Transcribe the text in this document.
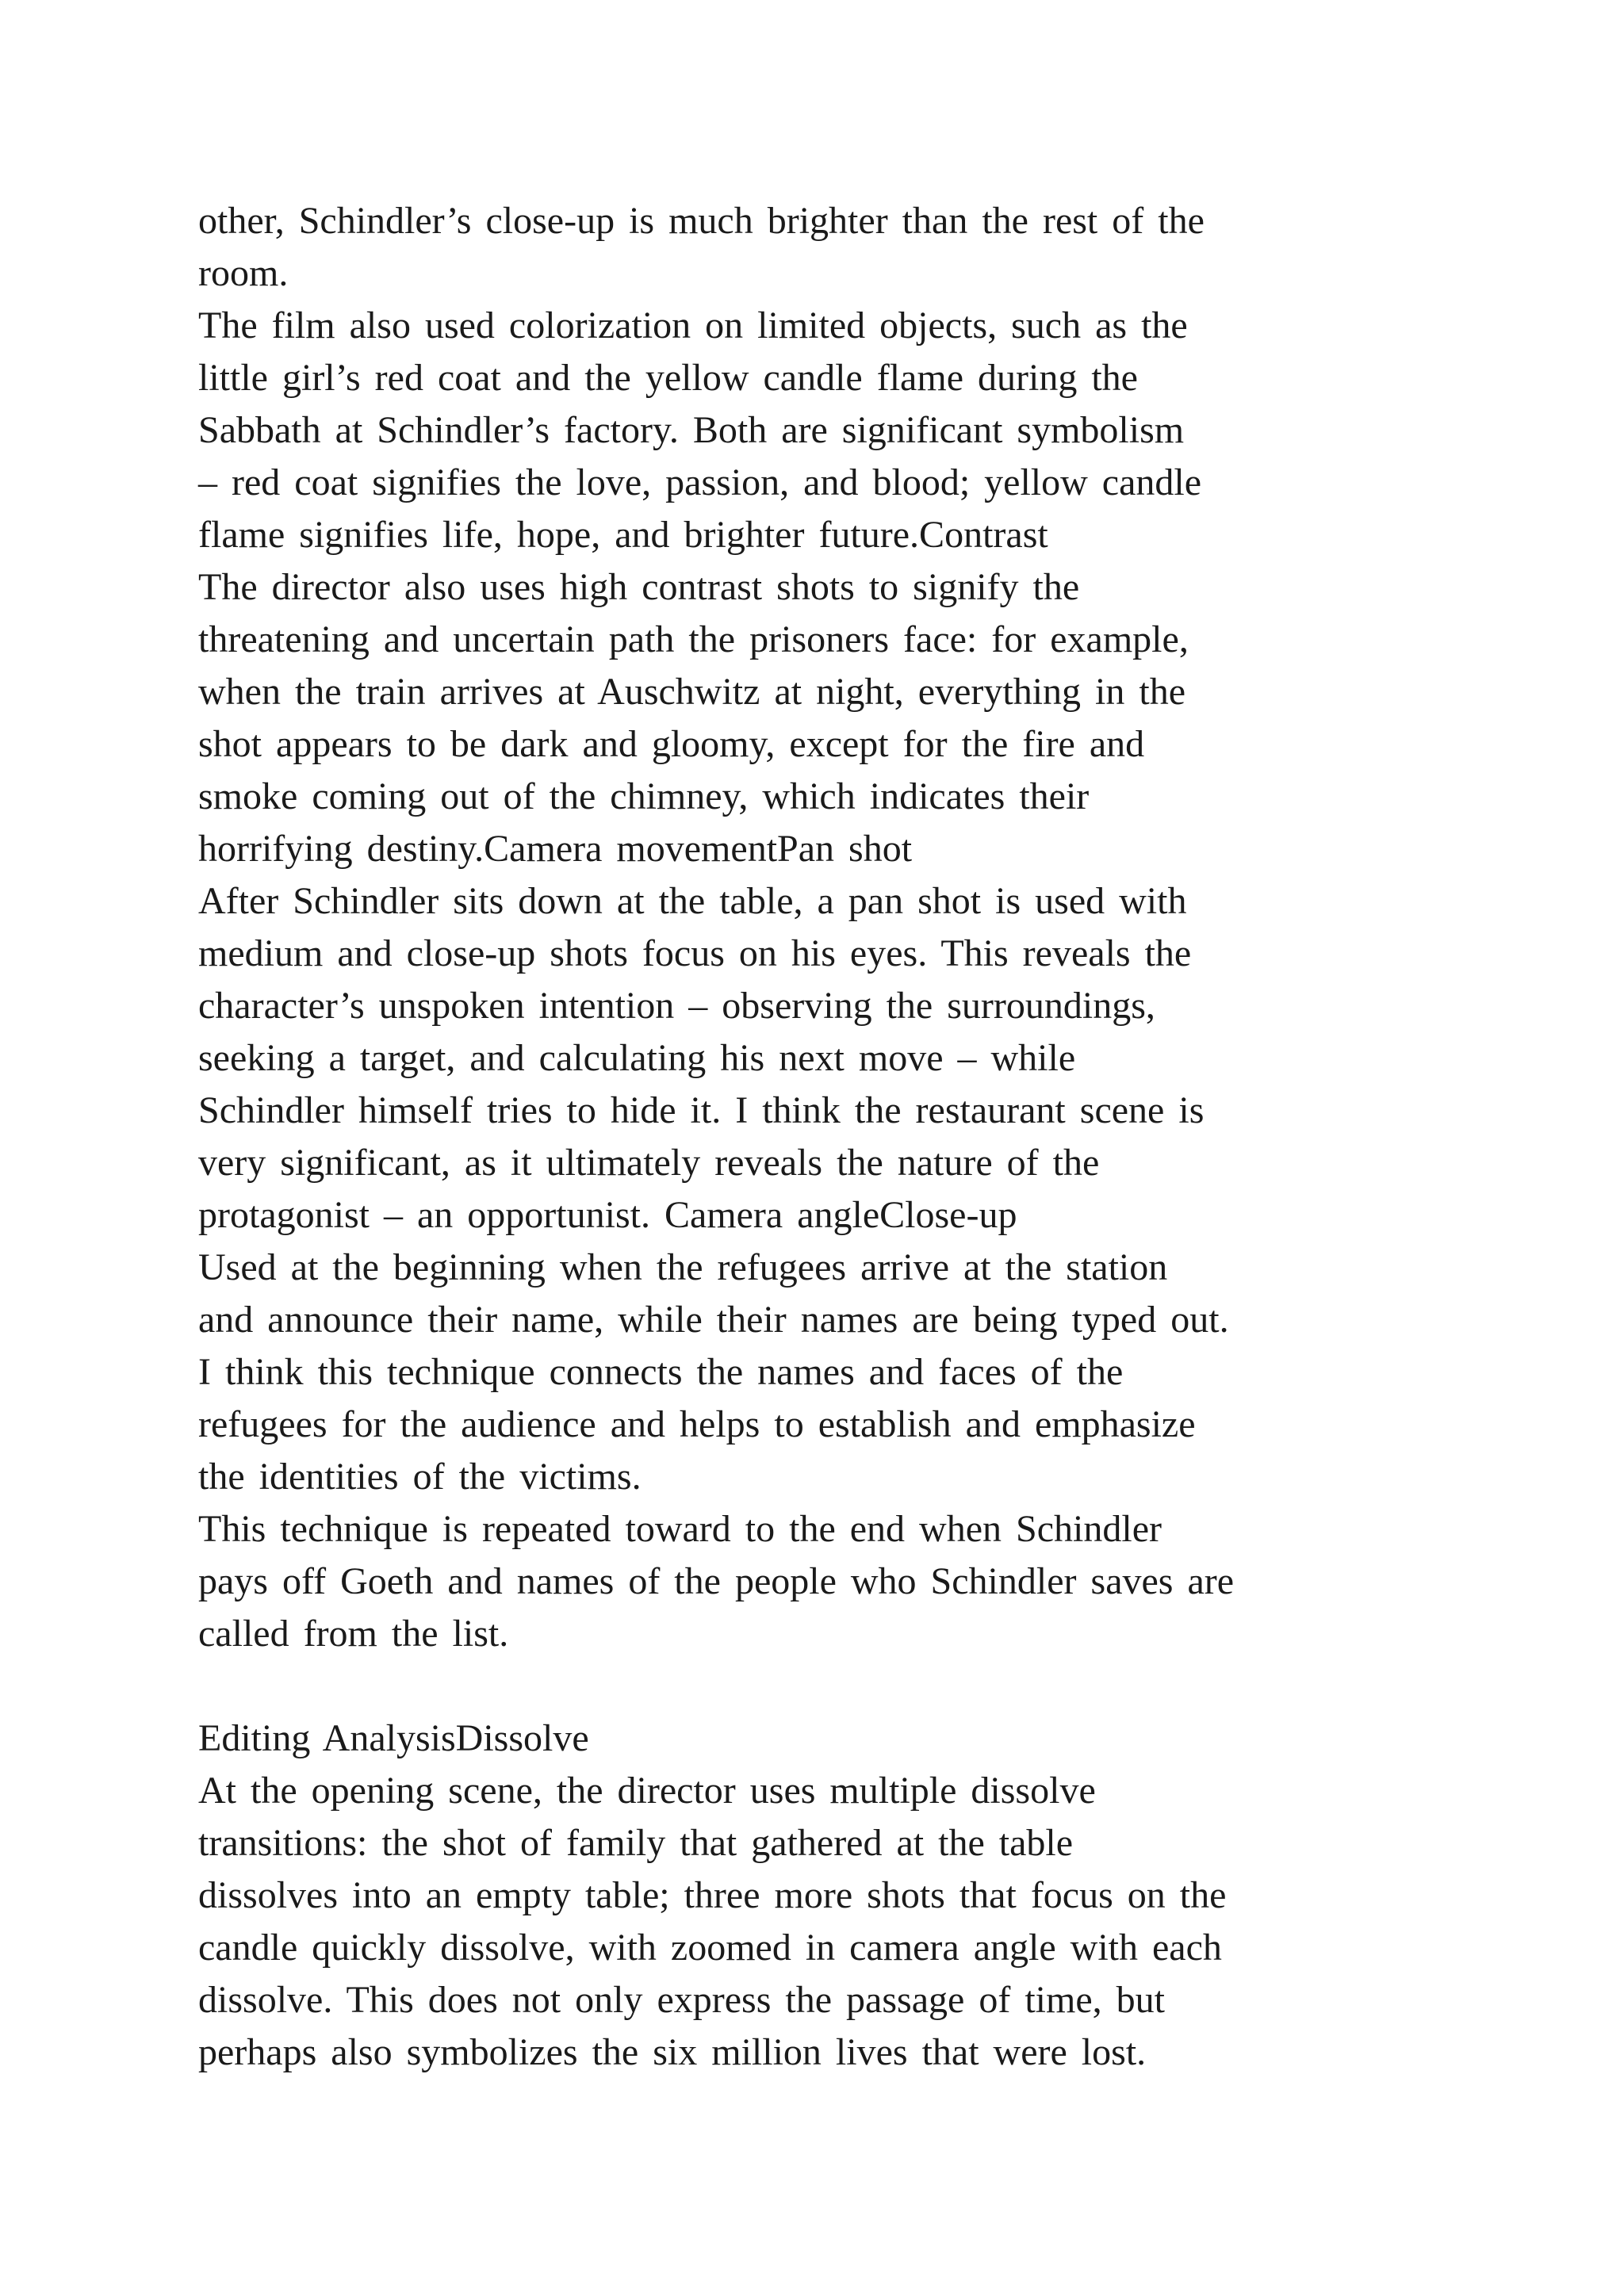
other, Schindler’s close-up is much brighter than the rest of the
room.
The film also used colorization on limited objects, such as the
little girl’s red coat and the yellow candle flame during the
Sabbath at Schindler’s factory. Both are significant symbolism
– red coat signifies the love, passion, and blood; yellow candle
flame signifies life, hope, and brighter future.Contrast
The director also uses high contrast shots to signify the
threatening and uncertain path the prisoners face: for example,
when the train arrives at Auschwitz at night, everything in the
shot appears to be dark and gloomy, except for the fire and
smoke coming out of the chimney, which indicates their
horrifying destiny.Camera movementPan shot
After Schindler sits down at the table, a pan shot is used with
medium and close-up shots focus on his eyes. This reveals the
character’s unspoken intention – observing the surroundings,
seeking a target, and calculating his next move – while
Schindler himself tries to hide it. I think the restaurant scene is
very significant, as it ultimately reveals the nature of the
protagonist – an opportunist. Camera angleClose-up
Used at the beginning when the refugees arrive at the station
and announce their name, while their names are being typed out.
I think this technique connects the names and faces of the
refugees for the audience and helps to establish and emphasize
the identities of the victims.
This technique is repeated toward to the end when Schindler
pays off Goeth and names of the people who Schindler saves are
called from the list.
Editing AnalysisDissolve
At the opening scene, the director uses multiple dissolve
transitions: the shot of family that gathered at the table
dissolves into an empty table; three more shots that focus on the
candle quickly dissolve, with zoomed in camera angle with each
dissolve. This does not only express the passage of time, but
perhaps also symbolizes the six million lives that were lost.
